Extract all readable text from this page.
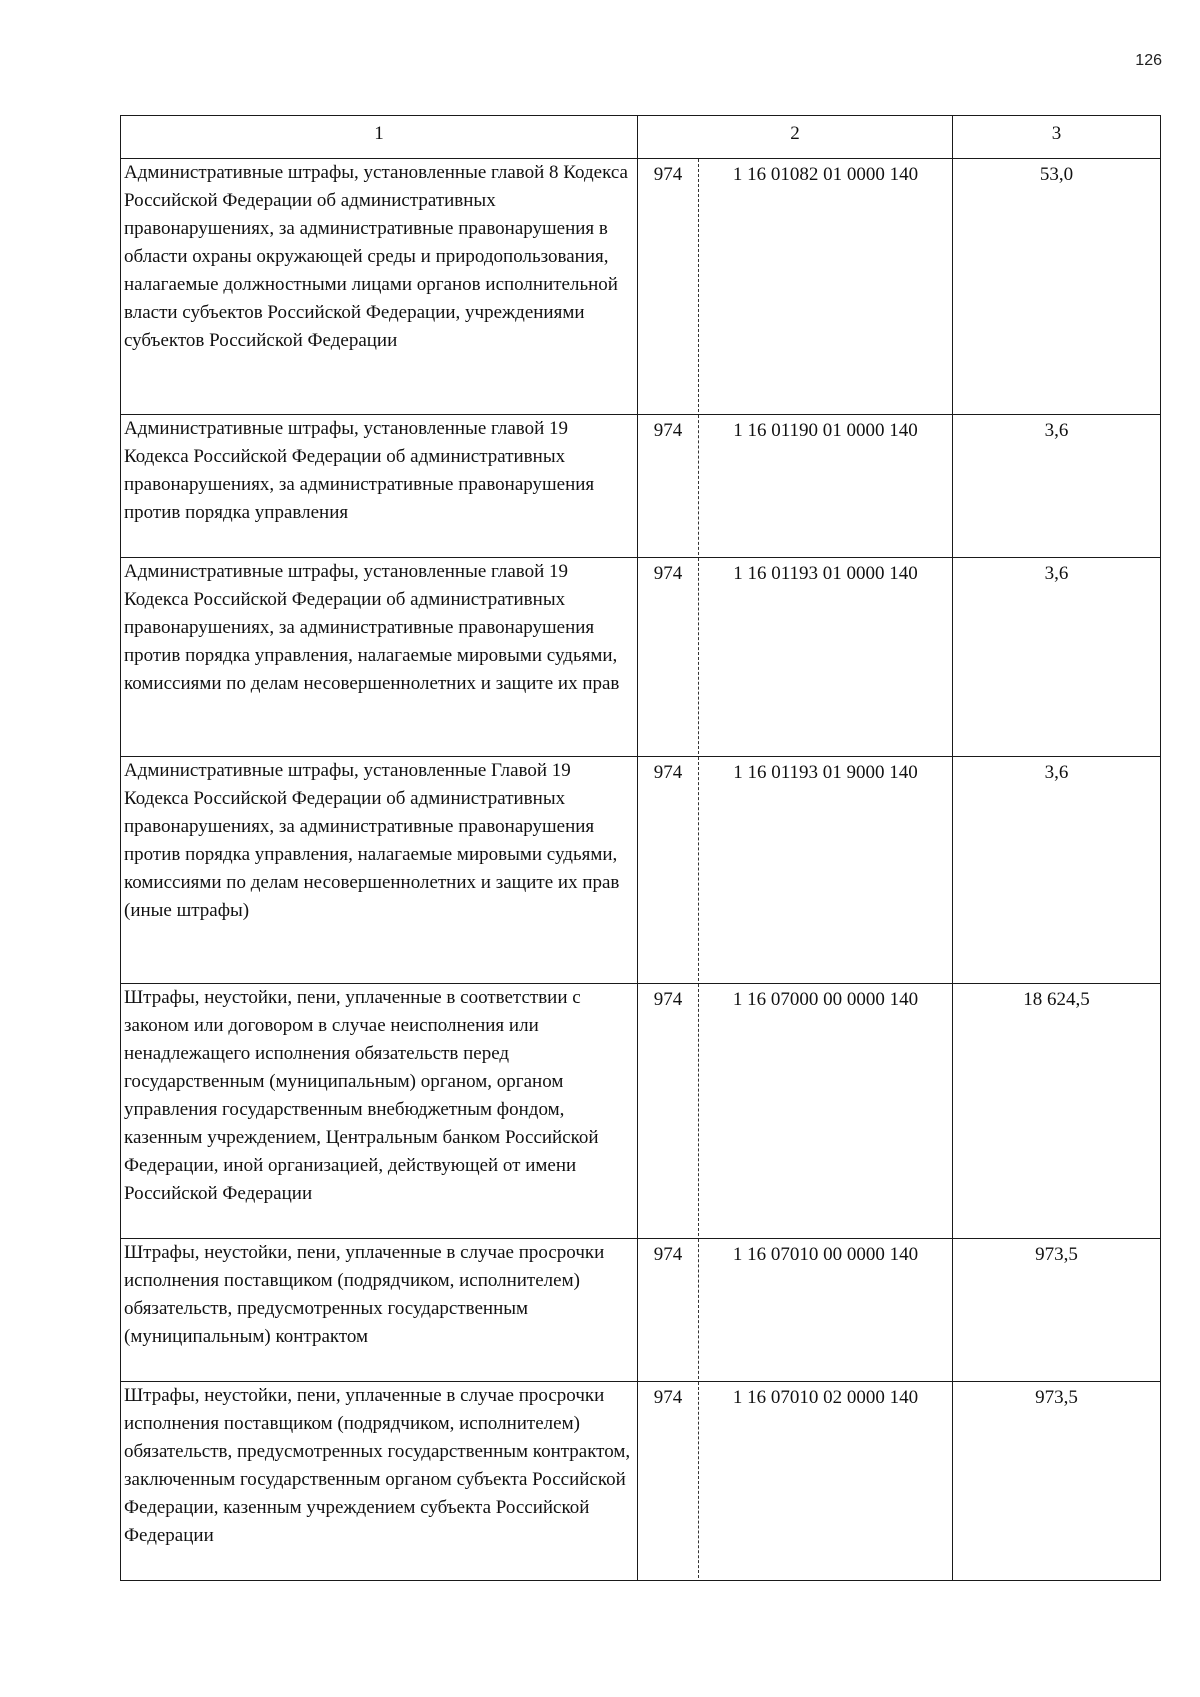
126
1	2	3
Административные штрафы, установленные главой 8 Кодекса Российской Федерации об административных правонарушениях, за административные правонарушения в области охраны окружающей среды и природопользования, налагаемые должностными лицами органов исполнительной власти субъектов Российской Федерации, учреждениями субъектов Российской Федерации	974 1 16 01082 01 0000 140	53,0
Административные штрафы, установленные главой 19 Кодекса Российской Федерации об административных правонарушениях, за административные правонарушения против порядка управления	974 1 16 01190 01 0000 140	3,6
Административные штрафы, установленные главой 19 Кодекса Российской Федерации об административных правонарушениях, за административные правонарушения против порядка управления, налагаемые мировыми судьями, комиссиями по делам несовершеннолетних и защите их прав	974 1 16 01193 01 0000 140	3,6
Административные штрафы, установленные Главой 19 Кодекса Российской Федерации об административных правонарушениях, за административные правонарушения против порядка управления, налагаемые мировыми судьями, комиссиями по делам несовершеннолетних и защите их прав (иные штрафы)	974 1 16 01193 01 9000 140	3,6
Штрафы, неустойки, пени, уплаченные в соответствии с законом или договором в случае неисполнения или ненадлежащего исполнения обязательств перед государственным (муниципальным) органом, органом управления государственным внебюджетным фондом, казенным учреждением, Центральным банком Российской Федерации, иной организацией, действующей от имени Российской Федерации	974 1 16 07000 00 0000 140	18 624,5
Штрафы, неустойки, пени, уплаченные в случае просрочки исполнения поставщиком (подрядчиком, исполнителем) обязательств, предусмотренных государственным (муниципальным) контрактом	974 1 16 07010 00 0000 140	973,5
Штрафы, неустойки, пени, уплаченные в случае просрочки исполнения поставщиком (подрядчиком, исполнителем) обязательств, предусмотренных государственным контрактом, заключенным государственным органом субъекта Российской Федерации, казенным учреждением субъекта Российской Федерации	974 1 16 07010 02 0000 140	973,5
